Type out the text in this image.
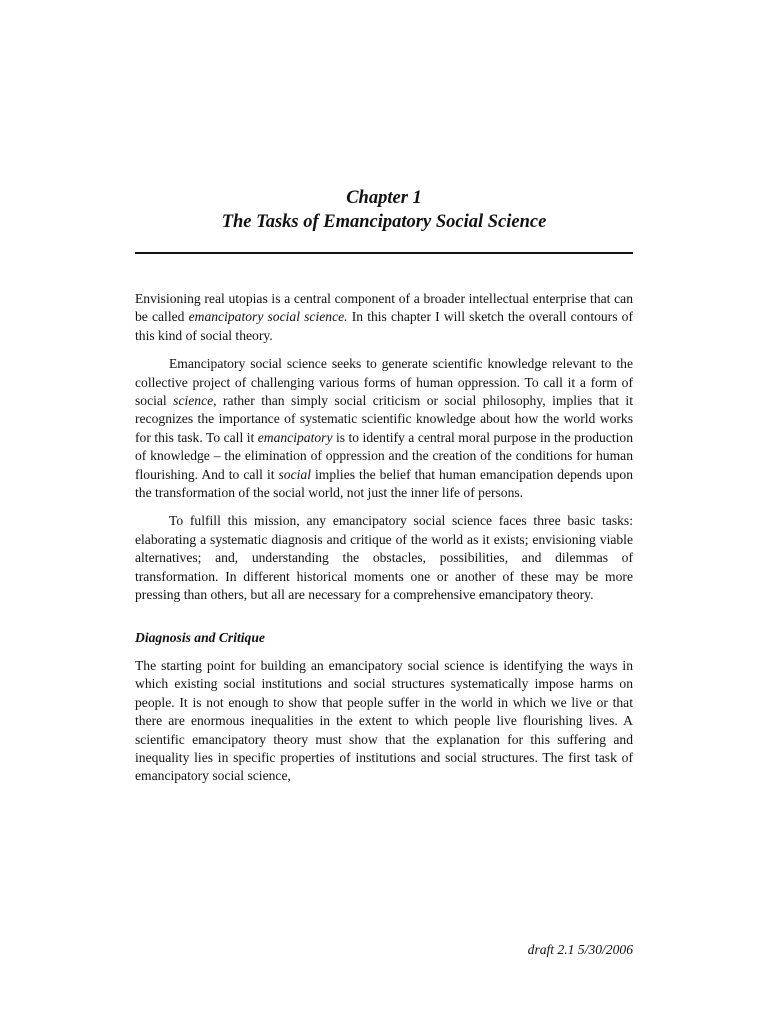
Chapter 1
The Tasks of Emancipatory Social Science

Envisioning real utopias is a central component of a broader intellectual enterprise that can be called emancipatory social science. In this chapter I will sketch the overall contours of this kind of social theory.

Emancipatory social science seeks to generate scientific knowledge relevant to the collective project of challenging various forms of human oppression. To call it a form of social science, rather than simply social criticism or social philosophy, implies that it recognizes the importance of systematic scientific knowledge about how the world works for this task. To call it emancipatory is to identify a central moral purpose in the production of knowledge – the elimination of oppression and the creation of the conditions for human flourishing. And to call it social implies the belief that human emancipation depends upon the transformation of the social world, not just the inner life of persons.

To fulfill this mission, any emancipatory social science faces three basic tasks: elaborating a systematic diagnosis and critique of the world as it exists; envisioning viable alternatives; and, understanding the obstacles, possibilities, and dilemmas of transformation. In different historical moments one or another of these may be more pressing than others, but all are necessary for a comprehensive emancipatory theory.

Diagnosis and Critique

The starting point for building an emancipatory social science is identifying the ways in which existing social institutions and social structures systematically impose harms on people. It is not enough to show that people suffer in the world in which we live or that there are enormous inequalities in the extent to which people live flourishing lives. A scientific emancipatory theory must show that the explanation for this suffering and inequality lies in specific properties of institutions and social structures. The first task of emancipatory social science,

draft 2.1 5/30/2006
